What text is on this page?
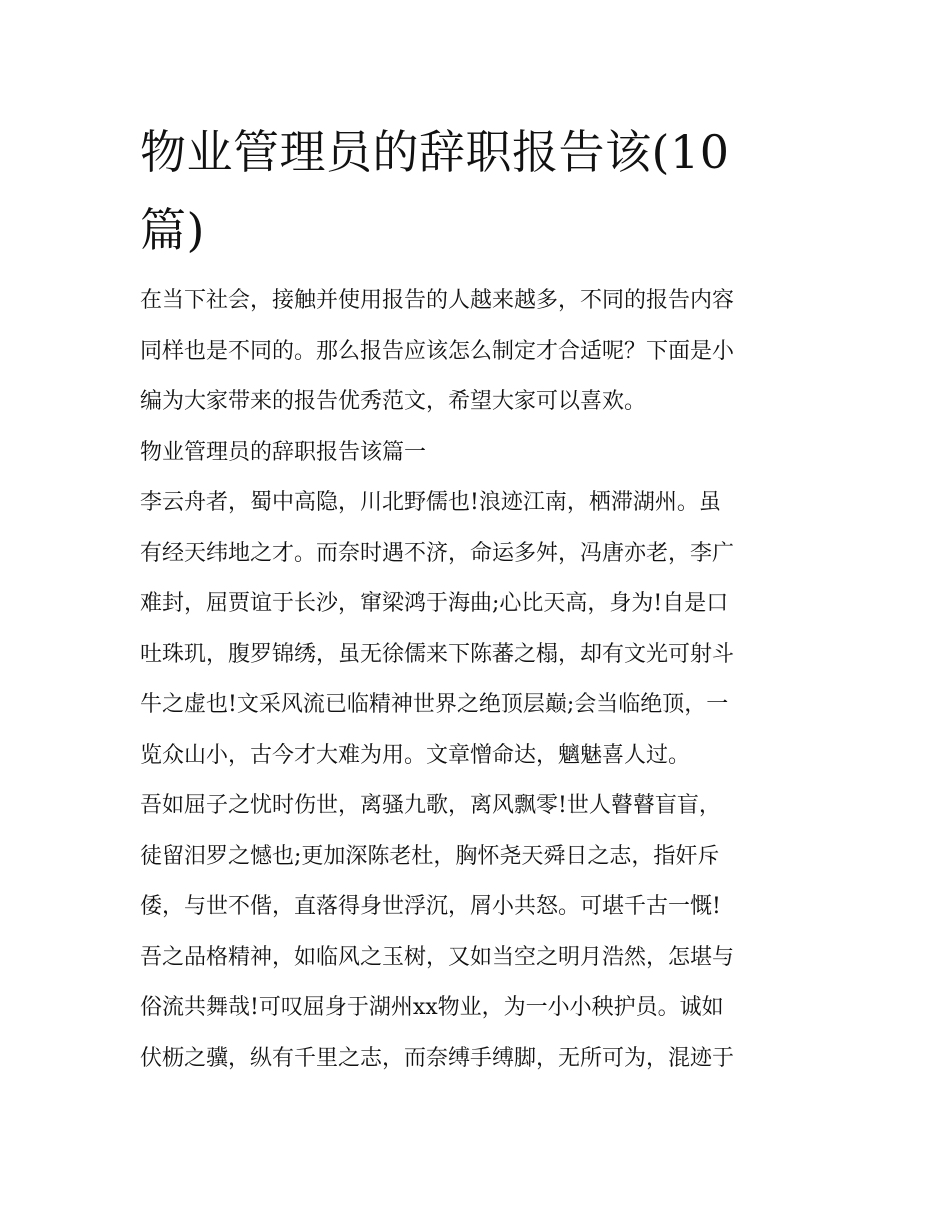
物业管理员的辞职报告该(10
篇)
在当下社会，接触并使用报告的人越来越多，不同的报告内容
同样也是不同的。那么报告应该怎么制定才合适呢？下面是小
编为大家带来的报告优秀范文，希望大家可以喜欢。
物业管理员的辞职报告该篇一
李云舟者，蜀中高隐，川北野儒也!浪迹江南，栖滞湖州。虽
有经天纬地之才。而奈时遇不济，命运多舛，冯唐亦老，李广
难封，屈贾谊于长沙，窜梁鸿于海曲;心比天高，身为!自是口
吐珠玑，腹罗锦绣，虽无徐儒来下陈蕃之榻，却有文光可射斗
牛之虚也!文采风流已临精神世界之绝顶层巅;会当临绝顶，一
览众山小，古今才大难为用。文章憎命达，魑魅喜人过。
吾如屈子之忧时伤世，离骚九歌，离风飘零!世人瞽瞽盲盲，
徒留汨罗之憾也;更加深陈老杜，胸怀尧天舜日之志，指奸斥
倭，与世不偕，直落得身世浮沉，屑小共怒。可堪千古一慨!
吾之品格精神，如临风之玉树，又如当空之明月浩然，怎堪与
俗流共舞哉!可叹屈身于湖州xx物业，为一小小秧护员。诚如
伏枥之骥，纵有千里之志，而奈缚手缚脚，无所可为，混迹于
